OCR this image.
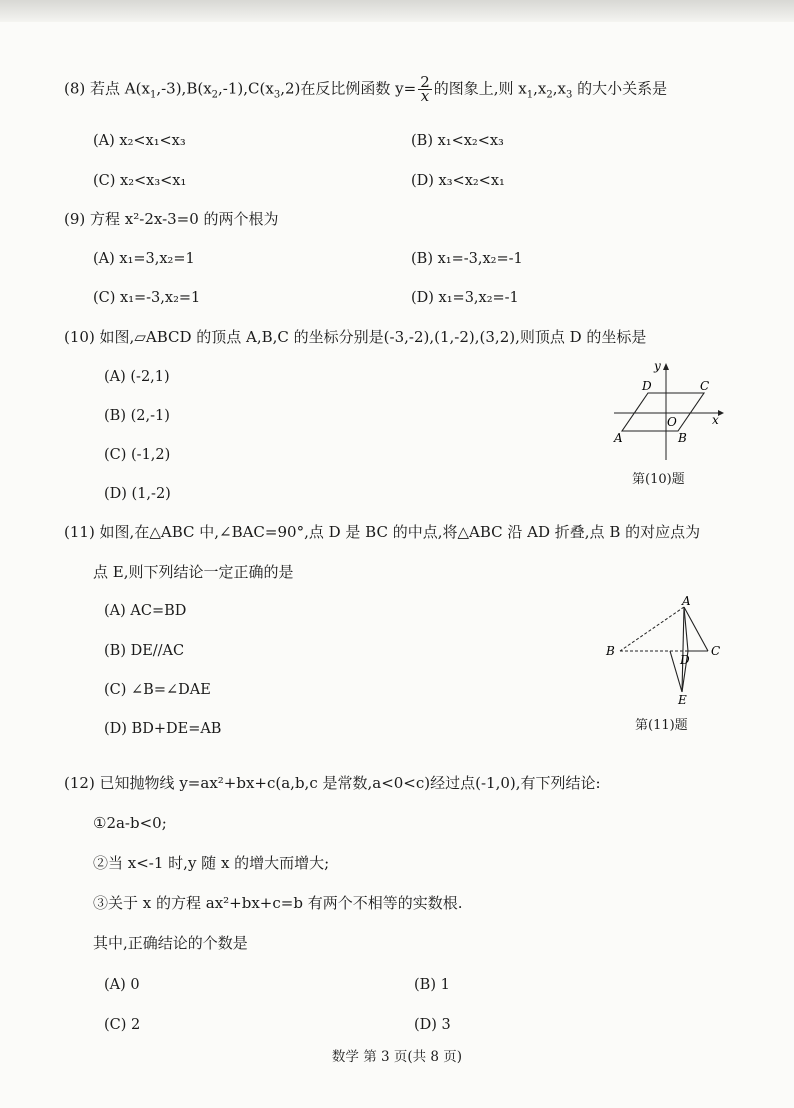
(8) 若点 $A(x_1,-3),B(x_2,-1),C(x_3,2)$在反比例函数 $y= \frac{2}{x}$ 的图象上,则 $x_1,x_2,x_3$ 的大小关系是
(A) x₂<x₁<x₃	(B) x₁<x₂<x₃
(C) x₂<x₃<x₁	(D) x₃<x₂<x₁
(9) 方程 x²-2x-3=0 的两个根为
(A) x₁=3,x₂=1	(B) x₁=-3,x₂=-1
(C) x₁=-3,x₂=1	(D) x₁=3,x₂=-1
(10) 如图,▱ABCD 的顶点 A,B,C 的坐标分别是(-3,-2),(1,-2),(3,2),则顶点 D 的坐标是
(A) (-2,1)
(B) (2,-1)
(C) (-1,2)
(D) (1,-2)
A	B
C
D
O	x
y
第(10)题
(11) 如图,在△ABC 中,∠BAC=90°,点 D 是 BC 的中点,将△ABC 沿 AD 折叠,点 B 的对应点为
点 E,则下列结论一定正确的是
(A) AC=BD
(B) DE//AC
(C) ∠B=∠DAE
(D) BD+DE=AB
A
B	C
D
E
第(11)题
(12) 已知抛物线 y=ax²+bx+c(a,b,c 是常数,a<0<c)经过点(-1,0),有下列结论:
①2a-b<0;
②当 x<-1 时,y 随 x 的增大而增大;
③关于 x 的方程 ax²+bx+c=b 有两个不相等的实数根.
其中,正确结论的个数是
(A) 0	(B) 1
(C) 2	(D) 3
数学 第 3 页(共 8 页)
